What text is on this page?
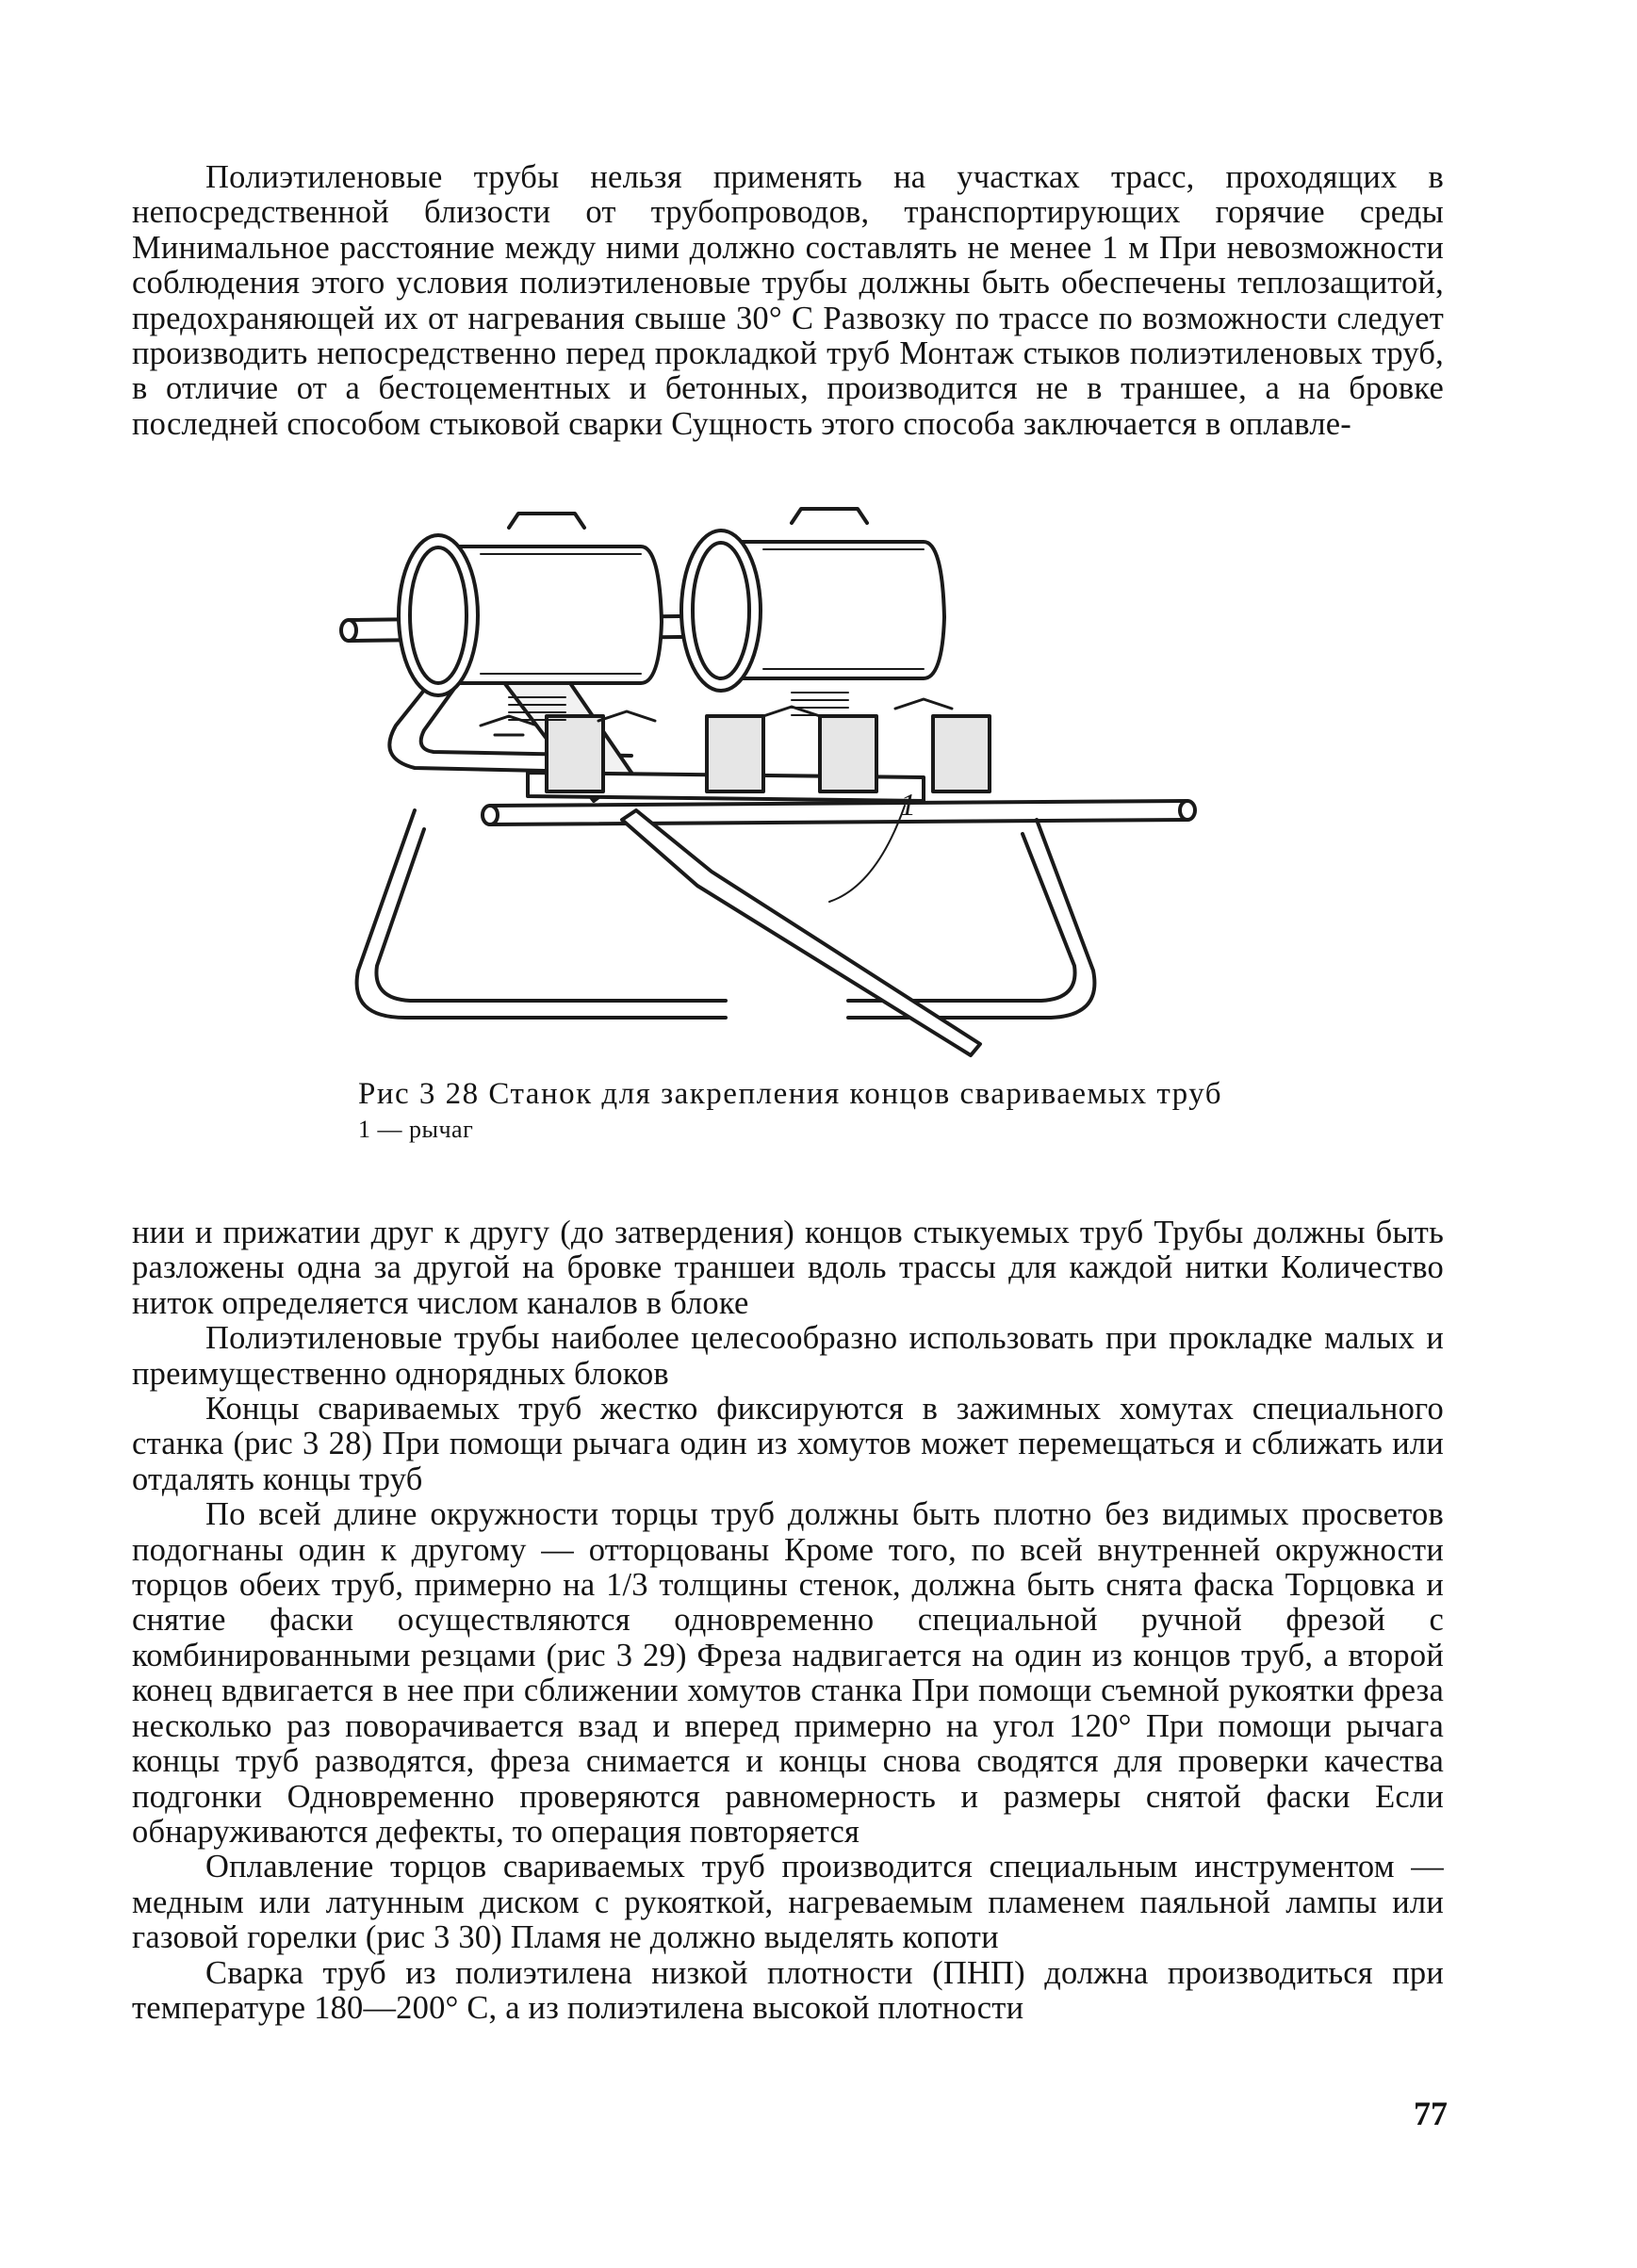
Полиэтиленовые трубы нельзя применять на участках трасс, проходящих в непосредственной близости от трубопроводов, транспортирующих горячие среды Минимальное расстояние между ними должно составлять не менее 1 м При невозможности соблюдения этого условия полиэтиленовые трубы должны быть обеспечены теплозащитой, предохраняющей их от нагревания свыше 30° С Развозку по трассе по возможности следует производить непосредственно перед прокладкой труб Монтаж стыков полиэтиленовых труб, в отличие от а бестоцементных и бетонных, производится не в траншее, а на бровке последней способом стыковой сварки Сущность этого способа заключается в оплавле-

1
Рис 3 28 Станок для закрепления концов свариваемых труб
1 — рычаг

нии и прижатии друг к другу (до затвердения) концов стыкуемых труб Трубы должны быть разложены одна за другой на бровке траншеи вдоль трассы для каждой нитки Количество ниток определяется числом каналов в блоке

Полиэтиленовые трубы наиболее целесообразно использовать при прокладке малых и преимущественно однорядных блоков

Концы свариваемых труб жестко фиксируются в зажимных хомутах специального станка (рис 3 28) При помощи рычага один из хомутов может перемещаться и сближать или отдалять концы труб

По всей длине окружности торцы труб должны быть плотно без видимых просветов подогнаны один к другому — отторцованы Кроме того, по всей внутренней окружности торцов обеих труб, примерно на 1/3 толщины стенок, должна быть снята фаска Торцовка и снятие фаски осуществляются одновременно специальной ручной фрезой с комбинированными резцами (рис 3 29) Фреза надвигается на один из концов труб, а второй конец вдвигается в нее при сближении хомутов станка При помощи съемной рукоятки фреза несколько раз поворачивается взад и вперед примерно на угол 120° При помощи рычага концы труб разводятся, фреза снимается и концы снова сводятся для проверки качества подгонки Одновременно проверяются равномерность и размеры снятой фаски Если обнаруживаются дефекты, то операция повторяется

Оплавление торцов свариваемых труб производится специальным инструментом — медным или латунным диском с рукояткой, нагреваемым пламенем паяльной лампы или газовой горелки (рис 3 30) Пламя не должно выделять копоти

Сварка труб из полиэтилена низкой плотности (ПНП) должна производиться при температуре 180—200° С, а из полиэтилена высокой плотности

77
